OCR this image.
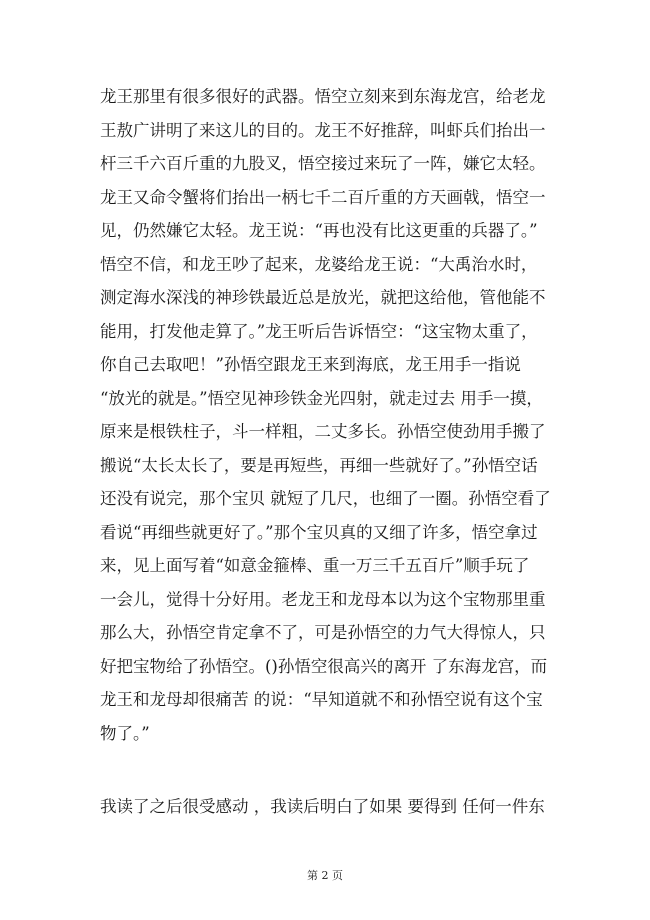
龙王那里有很多很好的武器。悟空立刻来到东海龙宫，给老龙
王敖广讲明了来这儿的目的。龙王不好推辞，叫虾兵们抬出一
杆三千六百斤重的九股叉，悟空接过来玩了一阵，嫌它太轻。
龙王又命令蟹将们抬出一柄七千二百斤重的方天画戟，悟空一
见，仍然嫌它太轻。龙王说：“再也没有比这更重的兵器了。”
悟空不信，和龙王吵了起来，龙婆给龙王说：“大禹治水时，
测定海水深浅的神珍铁最近总是放光，就把这给他，管他能不
能用，打发他走算了。”龙王听后告诉悟空：“这宝物太重了，
你自己去取吧！”孙悟空跟龙王来到海底，龙王用手一指说
“放光的就是。”悟空见神珍铁金光四射，就走过去 用手一摸，
原来是根铁柱子，斗一样粗，二丈多长。孙悟空使劲用手搬了
搬说“太长太长了，要是再短些，再细一些就好了。”孙悟空话
还没有说完，那个宝贝 就短了几尺，也细了一圈。孙悟空看了
看说“再细些就更好了。”那个宝贝真的又细了许多，悟空拿过
来，见上面写着“如意金箍棒、重一万三千五百斤”顺手玩了
一会儿，觉得十分好用。老龙王和龙母本以为这个宝物那里重
那么大，孙悟空肯定拿不了，可是孙悟空的力气大得惊人，只
好把宝物给了孙悟空。()孙悟空很高兴的离开 了东海龙宫，而
龙王和龙母却很痛苦 的说：“早知道就不和孙悟空说有这个宝
物了。”
我读了之后很受感动 ，我读后明白了如果 要得到 任何一件东
第 2 页
